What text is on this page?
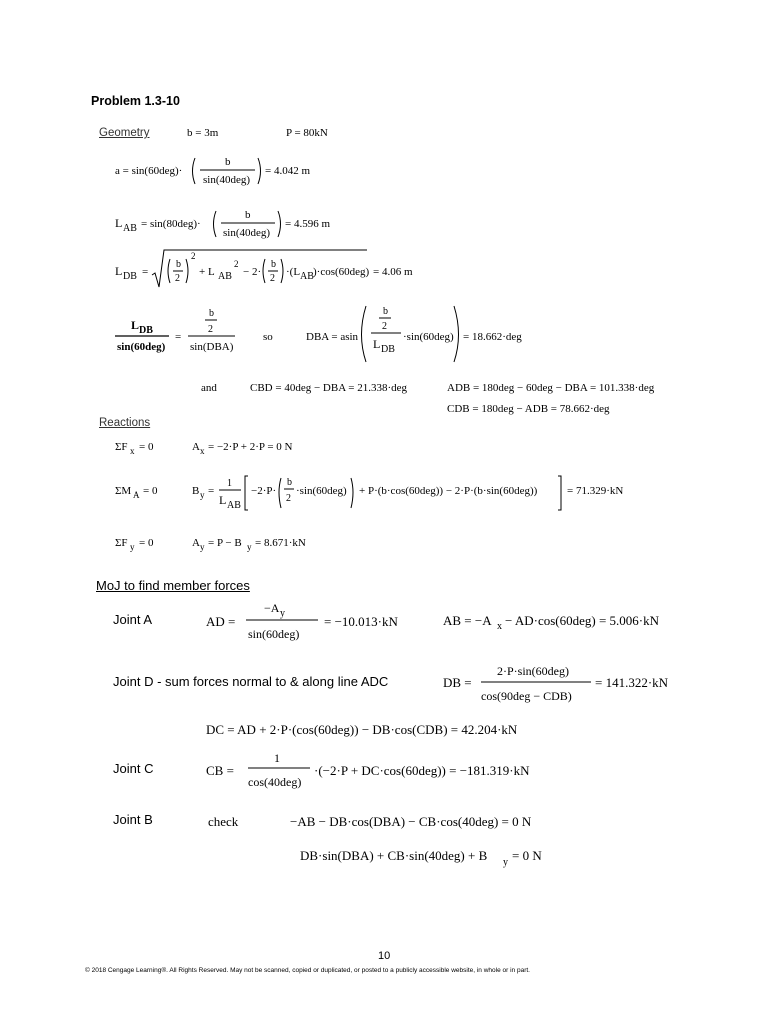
Problem 1.3-10
Geometry	b = 3m	P = 80kN
a = sin(60deg)·
b
sin(40deg)
= 4.042 m
L AB = sin(80deg)·
b
sin(40deg)
= 4.596 m
L DB =
b
2
2
+ L AB
2
− 2·
b
2
·(L AB )·cos(60deg) = 4.06 m
L DB
sin(60deg)
=
b
2
sin(DBA)
so	DBA = asin
b
2
L DB
·sin(60deg) = 18.662·deg
and	CBD = 40deg − DBA = 21.338·deg	ADB = 180deg − 60deg − DBA = 101.338·deg
CDB = 180deg − ADB = 78.662·deg
Reactions
ΣF x = 0	A x = −2·P + 2·P = 0 N
ΣM A = 0	B y =
1
L AB
−2·P·
b
2
·sin(60deg) + P·(b·cos(60deg)) − 2·P·(b·sin(60deg))	= 71.329·kN
ΣF y = 0	A y = P − B y = 8.671·kN
MoJ to find member forces
Joint A	AD =
−A y
sin(60deg)
= −10.013·kN	AB = −A x − AD·cos(60deg) = 5.006·kN
Joint D - sum forces normal to & along line ADC	DB =
2·P·sin(60deg)
cos(90deg − CDB)
= 141.322·kN
DC = AD + 2·P·(cos(60deg)) − DB·cos(CDB) = 42.204·kN
Joint C	CB =
1
cos(40deg)
·(−2·P + DC·cos(60deg)) = −181.319·kN
Joint B	check	−AB − DB·cos(DBA) − CB·cos(40deg) = 0 N
DB·sin(DBA) + CB·sin(40deg) + B y = 0 N
10
© 2018 Cengage Learning®. All Rights Reserved. May not be scanned, copied or duplicated, or posted to a publicly accessible website, in whole or in part.
